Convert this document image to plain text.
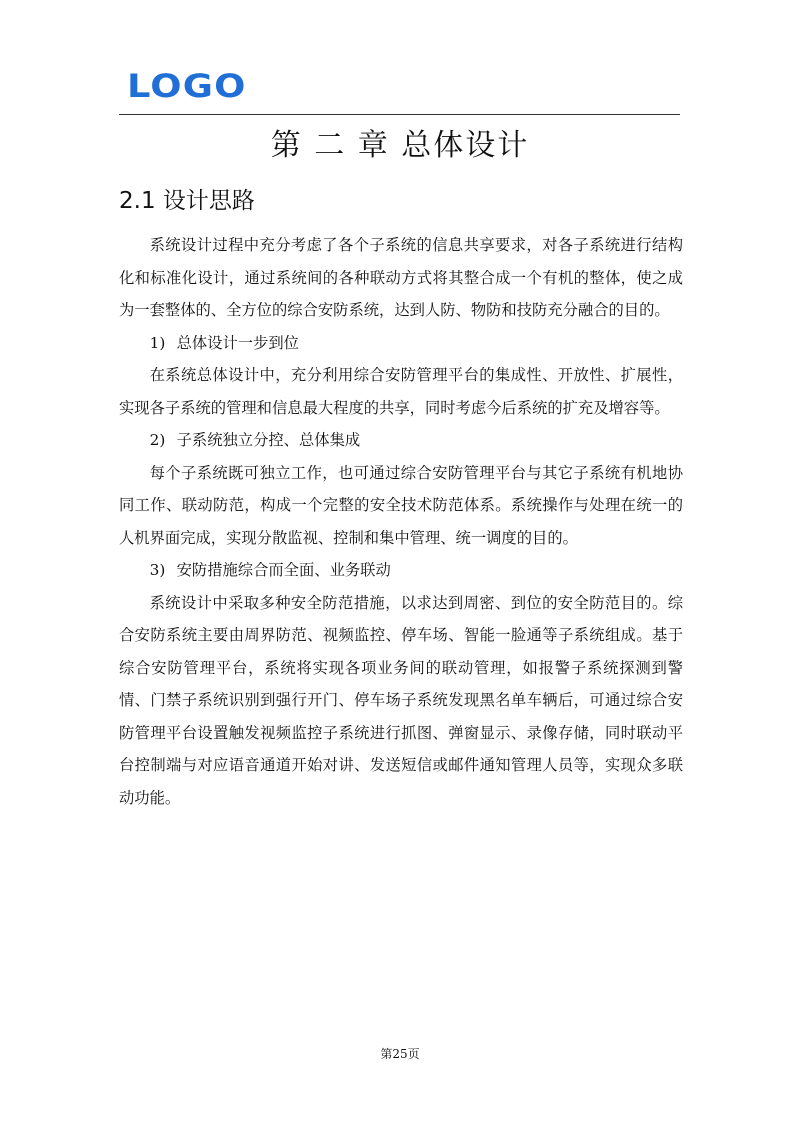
LOGO
第 二 章 总体设计
2.1 设计思路

系统设计过程中充分考虑了各个子系统的信息共享要求，对各子系统进行结构化和标准化设计，通过系统间的各种联动方式将其整合成一个有机的整体，使之成为一套整体的、全方位的综合安防系统，达到人防、物防和技防充分融合的目的。

1) 总体设计一步到位

在系统总体设计中，充分利用综合安防管理平台的集成性、开放性、扩展性，实现各子系统的管理和信息最大程度的共享，同时考虑今后系统的扩充及增容等。

2) 子系统独立分控、总体集成

每个子系统既可独立工作，也可通过综合安防管理平台与其它子系统有机地协同工作、联动防范，构成一个完整的安全技术防范体系。系统操作与处理在统一的人机界面完成，实现分散监视、控制和集中管理、统一调度的目的。

3) 安防措施综合而全面、业务联动

系统设计中采取多种安全防范措施，以求达到周密、到位的安全防范目的。综合安防系统主要由周界防范、视频监控、停车场、智能一脸通等子系统组成。基于综合安防管理平台，系统将实现各项业务间的联动管理，如报警子系统探测到警情、门禁子系统识别到强行开门、停车场子系统发现黑名单车辆后，可通过综合安防管理平台设置触发视频监控子系统进行抓图、弹窗显示、录像存储，同时联动平台控制端与对应语音通道开始对讲、发送短信或邮件通知管理人员等，实现众多联动功能。

第25页
